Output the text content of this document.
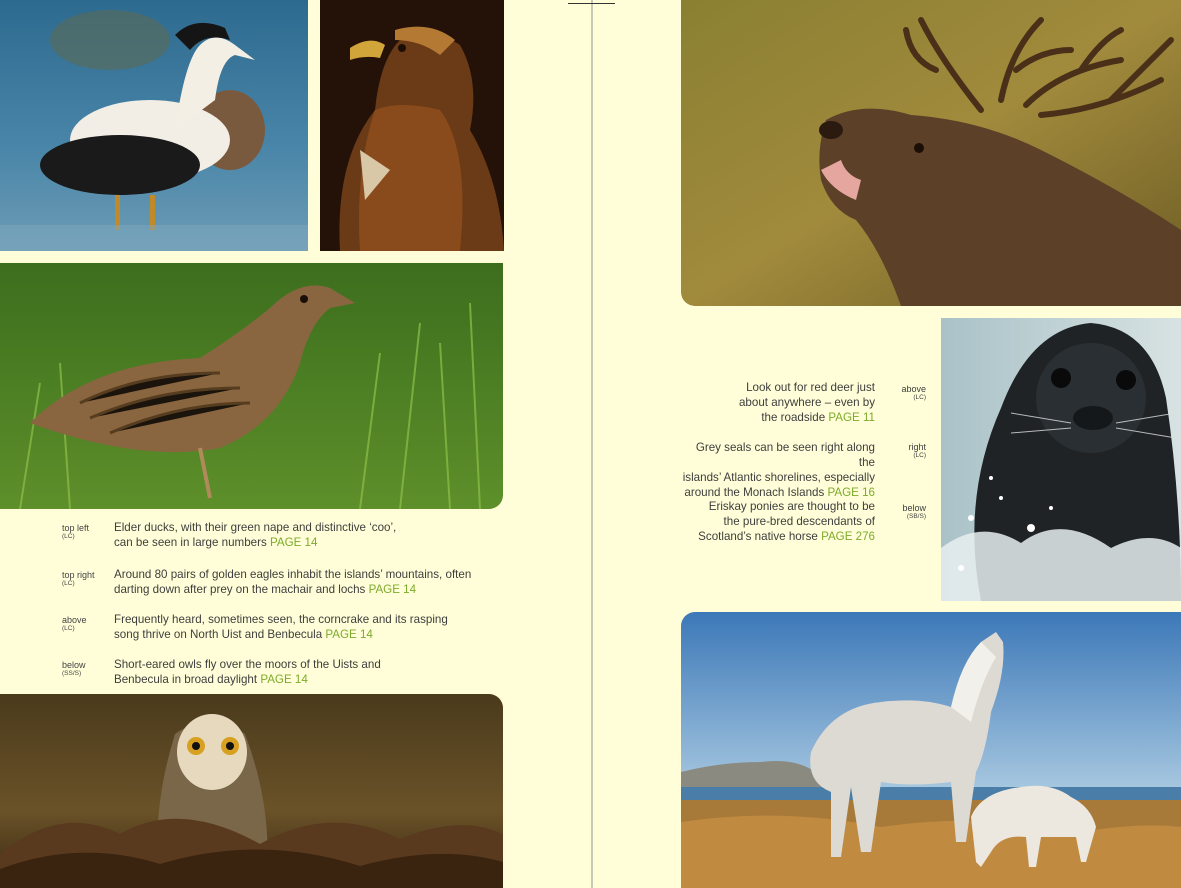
top left
(LC)
Elder ducks, with their green nape and distinctive ‘coo’,
can be seen in large numbers PAGE 14
top right
(LC)
Around 80 pairs of golden eagles inhabit the islands’ mountains, often
darting down after prey on the machair and lochs PAGE 14
above
(LC)
Frequently heard, sometimes seen, the corncrake and its rasping
song thrive on North Uist and Benbecula PAGE 14
below
(SS/S)
Short-eared owls fly over the moors of the Uists and
Benbecula in broad daylight PAGE 14
Look out for red deer just
about anywhere – even by
the roadside PAGE 11
above
(LC)
Grey seals can be seen right along the
islands’ Atlantic shorelines, especially
around the Monach Islands PAGE 16
right
(LC)
Eriskay ponies are thought to be
the pure-bred descendants of
Scotland’s native horse PAGE 276
below
(SB/S)
